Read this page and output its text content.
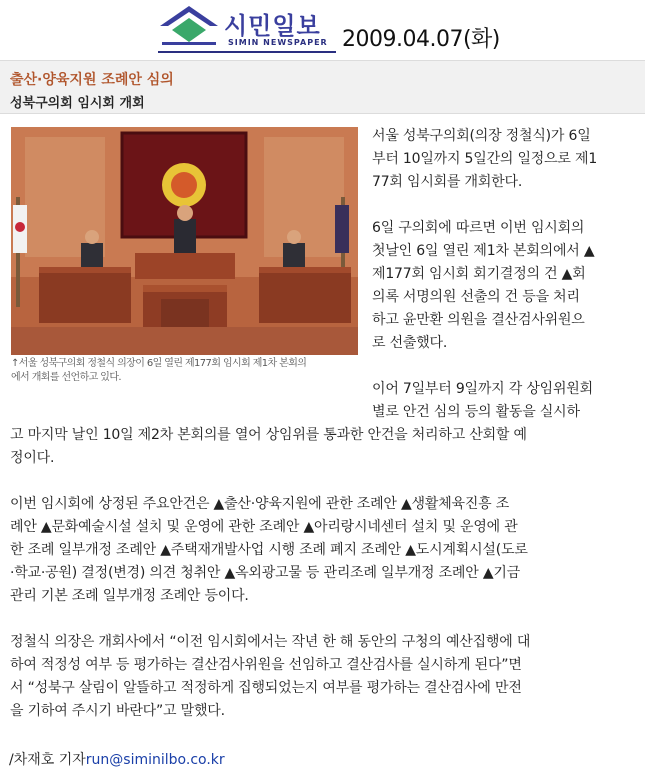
시민일보
SIMIN NEWSPAPER 2009.04.07(화)
출산·양육지원 조례안 심의
성북구의회 임시회 개회
↑서울 성북구의회 정철식 의장이 6일 열린 제177회 임시회 제1차 본회의
에서 개회를 선언하고 있다.
서울 성북구의회(의장 정철식)가 6일
부터 10일까지 5일간의 일정으로 제1
77회 임시회를 개회한다.
6일 구의회에 따르면 이번 임시회의
첫날인 6일 열린 제1차 본회의에서 ▲
제177회 임시회 회기결정의 건 ▲회
의록 서명의원 선출의 건 등을 처리
하고 윤만환 의원을 결산검사위원으
로 선출했다.
이어 7일부터 9일까지 각 상임위원회
별로 안건 심의 등의 활동을 실시하
고 마지막 날인 10일 제2차 본회의를 열어 상임위를 통과한 안건을 처리하고 산회할 예
정이다.
이번 임시회에 상정된 주요안건은 ▲출산·양육지원에 관한 조례안 ▲생활체육진흥 조
례안 ▲문화예술시설 설치 및 운영에 관한 조례안 ▲아리랑시네센터 설치 및 운영에 관
한 조례 일부개정 조례안 ▲주택재개발사업 시행 조례 폐지 조례안 ▲도시계획시설(도로
·학교·공원) 결정(변경) 의견 청취안 ▲옥외광고물 등 관리조례 일부개정 조례안 ▲기금
관리 기본 조례 일부개정 조례안 등이다.
정철식 의장은 개회사에서 “이전 임시회에서는 작년 한 해 동안의 구청의 예산집행에 대
하여 적정성 여부 등 평가하는 결산검사위원을 선임하고 결산검사를 실시하게 된다”면
서 “성북구 살림이 알뜰하고 적정하게 집행되었는지 여부를 평가하는 결산검사에 만전
을 기하여 주시기 바란다”고 말했다.
/차재호 기자run@siminilbo.co.kr
